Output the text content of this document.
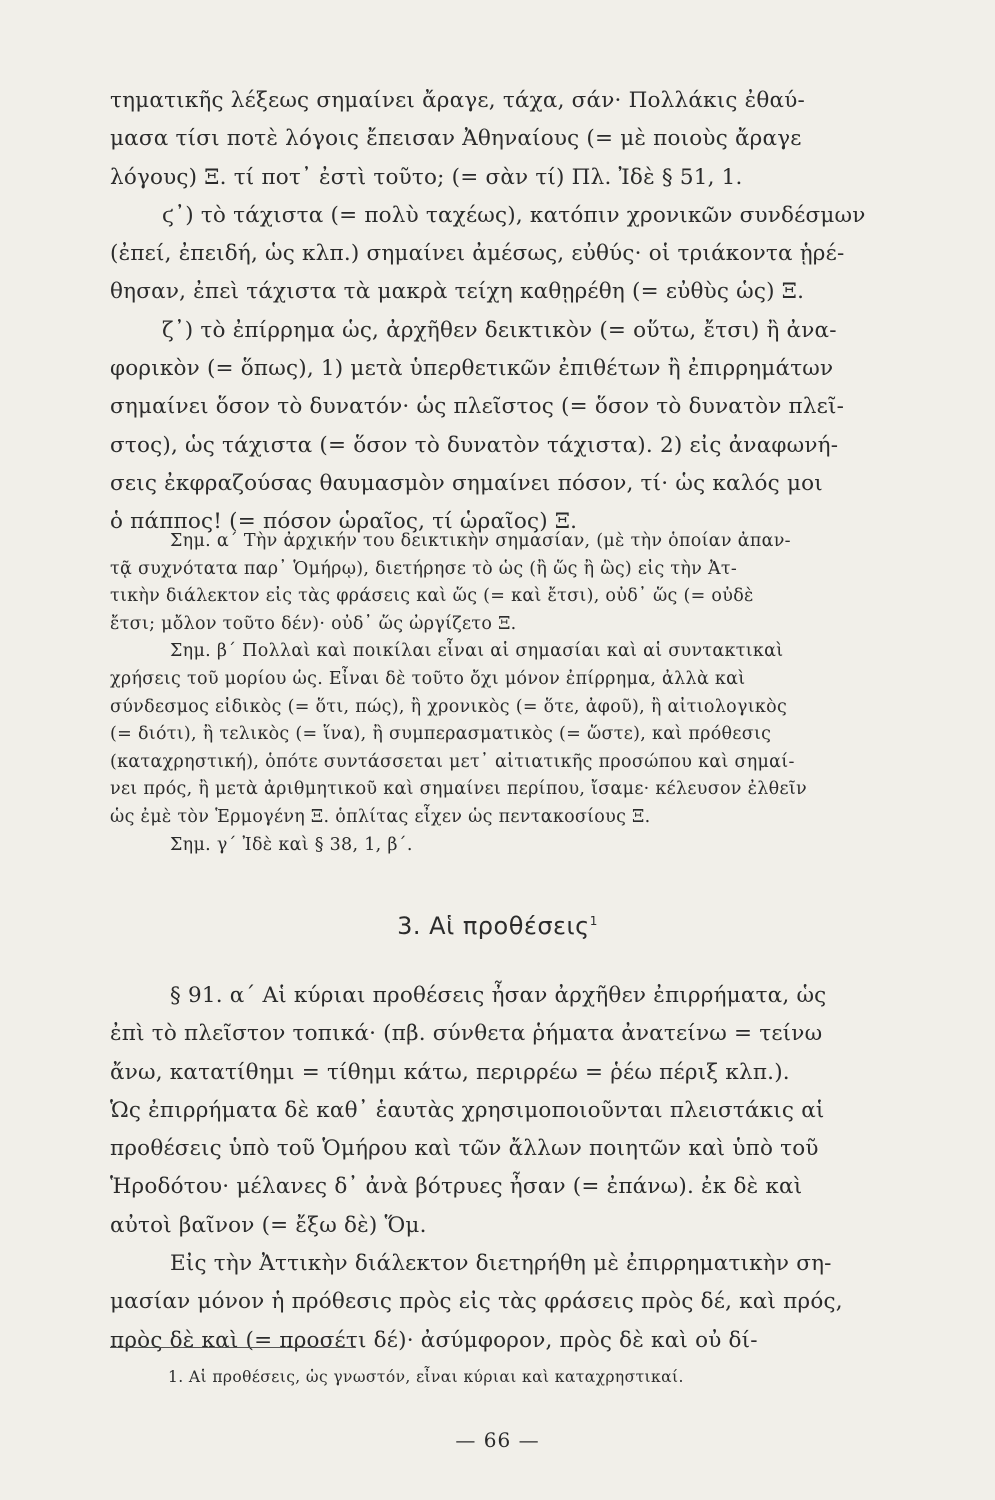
τηματικῆς λέξεως σημαίνει ἄραγε, τάχα, σάν· Πολλάκις ἐθαύ-
μασα τίσι ποτὲ λόγοις ἔπεισαν Ἀθηναίους (= μὲ ποιοὺς ἄραγε
λόγους) Ξ. τί ποτ᾽ ἐστὶ τοῦτο; (= σὰν τί) Πλ. Ἰδὲ § 51, 1.
ϛ᾽) τὸ τάχιστα (= πολὺ ταχέως), κατόπιν χρονικῶν συνδέσμων
(ἐπεί, ἐπειδή, ὡς κλπ.) σημαίνει ἀμέσως, εὐθύς· οἱ τριάκοντα ᾑρέ-
θησαν, ἐπεὶ τάχιστα τὰ μακρὰ τείχη καθῃρέθη (= εὐθὺς ὡς) Ξ.
ζ᾽) τὸ ἐπίρρημα ὡς, ἀρχῆθεν δεικτικὸν (= οὕτω, ἔτσι) ἢ ἀνα-
φορικὸν (= ὅπως), 1) μετὰ ὑπερθετικῶν ἐπιθέτων ἢ ἐπιρρημάτων
σημαίνει ὅσον τὸ δυνατόν· ὡς πλεῖστος (= ὅσον τὸ δυνατὸν πλεῖ-
στος), ὡς τάχιστα (= ὅσον τὸ δυνατὸν τάχιστα). 2) εἰς ἀναφωνή-
σεις ἐκφραζούσας θαυμασμὸν σημαίνει πόσον, τί· ὡς καλός μοι
ὁ πάππος! (= πόσον ὡραῖος, τί ὡραῖος) Ξ.
Σημ. α΄ Τὴν ἀρχικήν του δεικτικὴν σημασίαν, (μὲ τὴν ὁποίαν ἀπαν-
τᾷ συχνότατα παρ᾽ Ὁμήρῳ), διετήρησε τὸ ὡς (ἢ ὥς ἢ ὣς) εἰς τὴν Ἀτ-
τικὴν διάλεκτον εἰς τὰς φράσεις καὶ ὥς (= καὶ ἔτσι), οὐδ᾽ ὥς (= οὐδὲ
ἔτσι; μὄλον τοῦτο δέν)· οὐδ᾽ ὥς ὠργίζετο Ξ.
Σημ. β΄ Πολλαὶ καὶ ποικίλαι εἶναι αἱ σημασίαι καὶ αἱ συντακτικαὶ
χρήσεις τοῦ μορίου ὡς. Εἶναι δὲ τοῦτο ὄχι μόνον ἐπίρρημα, ἀλλὰ καὶ
σύνδεσμος εἰδικὸς (= ὅτι, πώς), ἢ χρονικὸς (= ὅτε, ἀφοῦ), ἢ αἰτιολογικὸς
(= διότι), ἢ τελικὸς (= ἵνα), ἢ συμπερασματικὸς (= ὥστε), καὶ πρόθεσις
(καταχρηστική), ὁπότε συντάσσεται μετ᾽ αἰτιατικῆς προσώπου καὶ σημαί-
νει πρός, ἢ μετὰ ἀριθμητικοῦ καὶ σημαίνει περίπου, ἴσαμε· κέλευσον ἐλθεῖν
ὡς ἐμὲ τὸν Ἑρμογένη Ξ. ὁπλίτας εἶχεν ὡς πεντακοσίους Ξ.
Σημ. γ΄ Ἰδὲ καὶ § 38, 1, β΄.
3. Αἱ προθέσεις$^1$
§ 91. α΄ Αἱ κύριαι προθέσεις ἦσαν ἀρχῆθεν ἐπιρρήματα, ὡς
ἐπὶ τὸ πλεῖστον τοπικά· (πβ. σύνθετα ῥήματα ἀνατείνω = τείνω
ἄνω, κατατίθημι = τίθημι κάτω, περιρρέω = ῥέω πέριξ κλπ.).
Ὡς ἐπιρρήματα δὲ καθ᾽ ἑαυτὰς χρησιμοποιοῦνται πλειστάκις αἱ
προθέσεις ὑπὸ τοῦ Ὁμήρου καὶ τῶν ἄλλων ποιητῶν καὶ ὑπὸ τοῦ
Ἡροδότου· μέλανες δ᾽ ἀνὰ βότρυες ἦσαν (= ἐπάνω). ἐκ δὲ καὶ
αὐτοὶ βαῖνον (= ἔξω δὲ) Ὅμ.
Εἰς τὴν Ἀττικὴν διάλεκτον διετηρήθη μὲ ἐπιρρηματικὴν ση-
μασίαν μόνον ἡ πρόθεσις πρὸς εἰς τὰς φράσεις πρὸς δέ, καὶ πρός,
πρὸς δὲ καὶ (= προσέτι δέ)· ἀσύμφορον, πρὸς δὲ καὶ οὐ δί-
1. Αἱ προθέσεις, ὡς γνωστόν, εἶναι κύριαι καὶ καταχρηστικαί.
— 66 —
